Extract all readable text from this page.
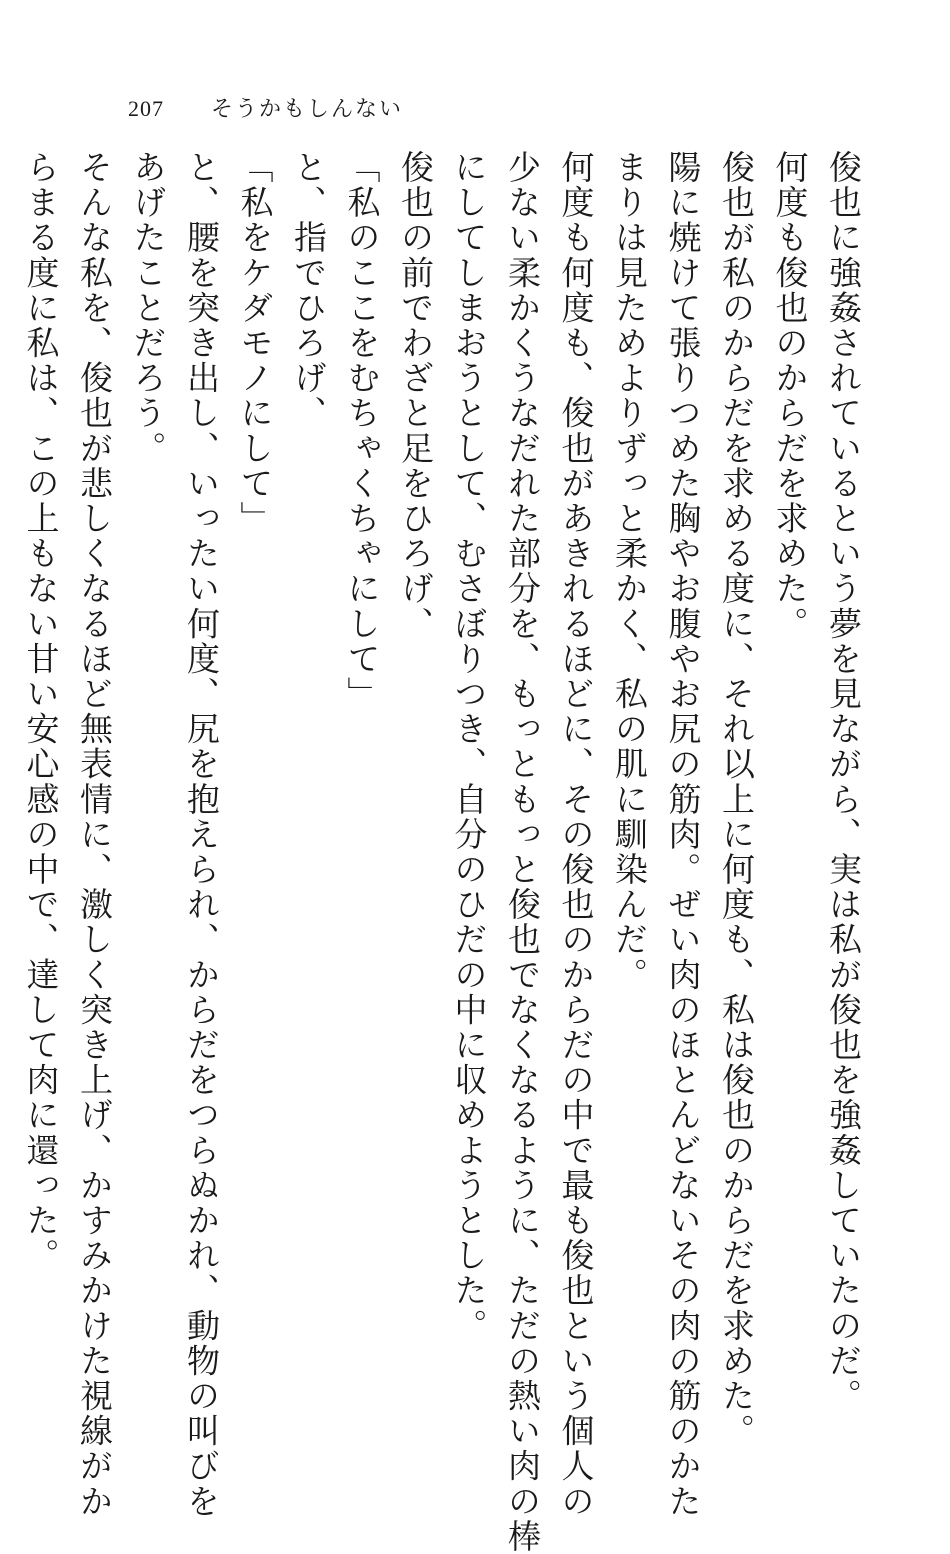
207 そうかもしんない
俊也に強姦されているという夢を見ながら、実は私が俊也を強姦していたのだ。
何度も俊也のからだを求めた。
俊也が私のからだを求める度に、それ以上に何度も、私は俊也のからだを求めた。
陽に焼けて張りつめた胸やお腹やお尻の筋肉。ぜい肉のほとんどないその肉の筋のかた
まりは見ためよりずっと柔かく、私の肌に馴染んだ。
何度も何度も、俊也があきれるほどに、その俊也のからだの中で最も俊也という個人の
少ない柔かくうなだれた部分を、もっともっと俊也でなくなるように、ただの熱い肉の棒
にしてしまおうとして、むさぼりつき、自分のひだの中に収めようとした。
俊也の前でわざと足をひろげ、
「私のここをむちゃくちゃにして」
と、指でひろげ、
「私をケダモノにして」
と、腰を突き出し、いったい何度、尻を抱えられ、からだをつらぬかれ、動物の叫びを
あげたことだろう。
そんな私を、俊也が悲しくなるほど無表情に、激しく突き上げ、かすみかけた視線がか
らまる度に私は、この上もない甘い安心感の中で、達して肉に還った。
